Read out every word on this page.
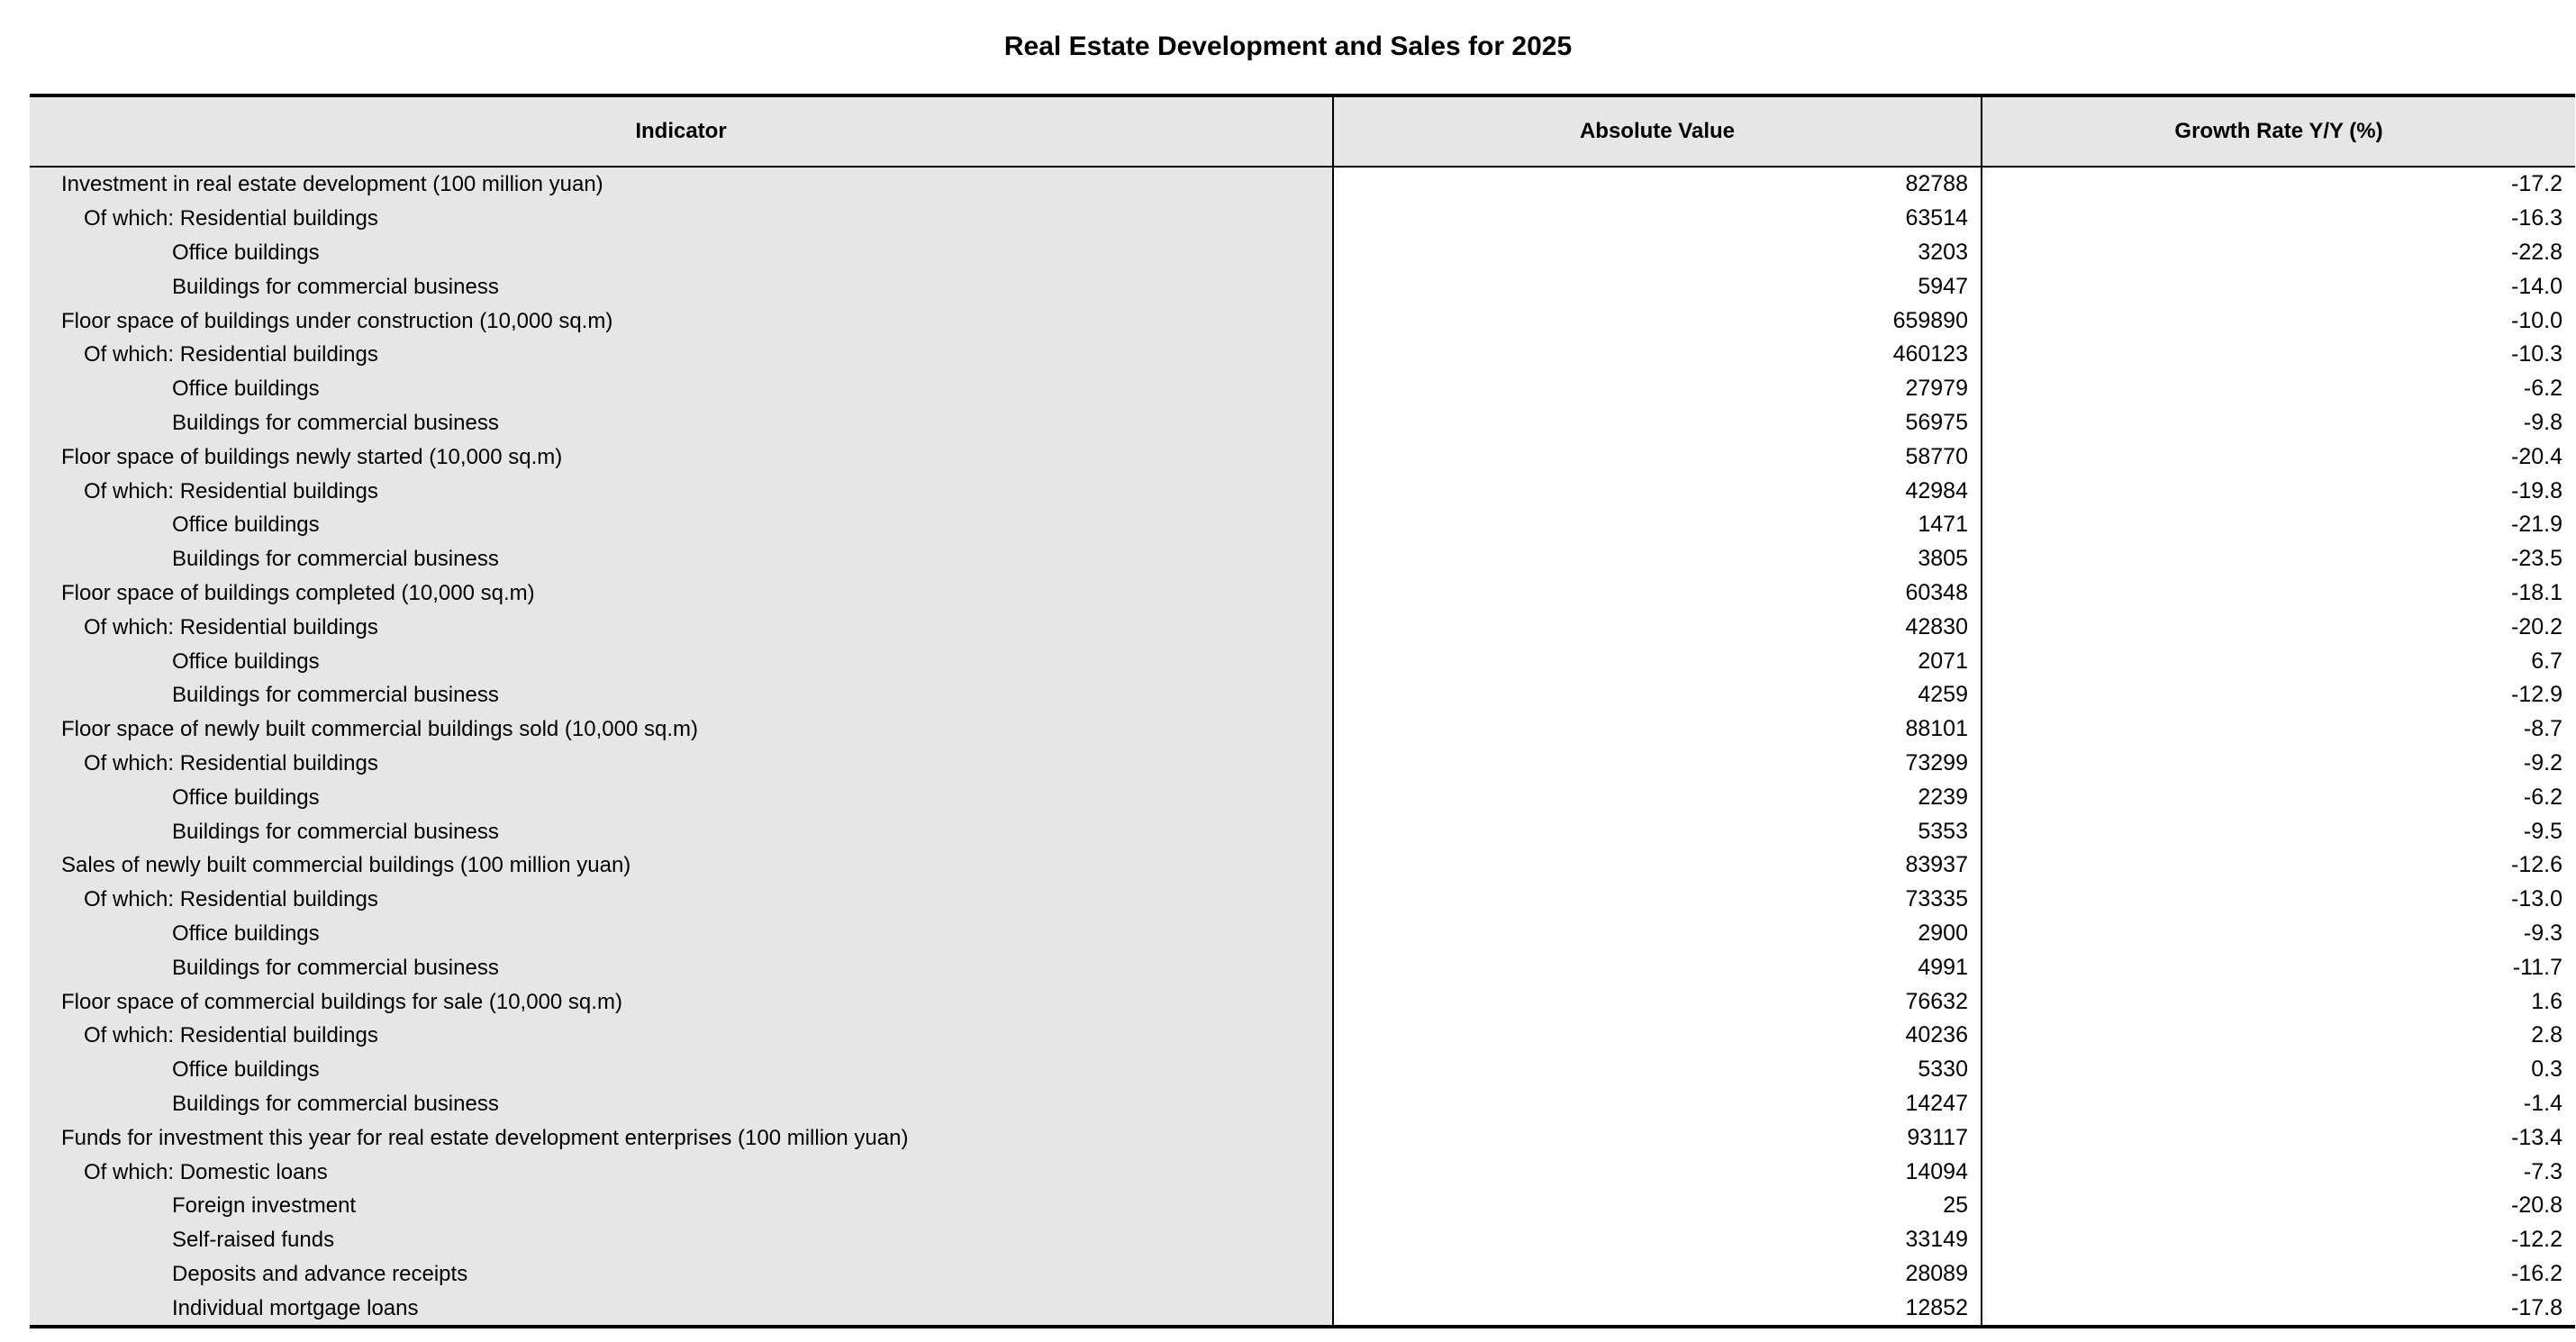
Real Estate Development and Sales for 2025
Indicator	Absolute Value	Growth Rate Y/Y (%)
Investment in real estate development (100 million yuan)	82788	-17.2
Of which: Residential buildings	63514	-16.3
Office buildings	3203	-22.8
Buildings for commercial business	5947	-14.0
Floor space of buildings under construction (10,000 sq.m)	659890	-10.0
Of which: Residential buildings	460123	-10.3
Office buildings	27979	-6.2
Buildings for commercial business	56975	-9.8
Floor space of buildings newly started (10,000 sq.m)	58770	-20.4
Of which: Residential buildings	42984	-19.8
Office buildings	1471	-21.9
Buildings for commercial business	3805	-23.5
Floor space of buildings completed (10,000 sq.m)	60348	-18.1
Of which: Residential buildings	42830	-20.2
Office buildings	2071	6.7
Buildings for commercial business	4259	-12.9
Floor space of newly built commercial buildings sold (10,000 sq.m)	88101	-8.7
Of which: Residential buildings	73299	-9.2
Office buildings	2239	-6.2
Buildings for commercial business	5353	-9.5
Sales of newly built commercial buildings (100 million yuan)	83937	-12.6
Of which: Residential buildings	73335	-13.0
Office buildings	2900	-9.3
Buildings for commercial business	4991	-11.7
Floor space of commercial buildings for sale (10,000 sq.m)	76632	1.6
Of which: Residential buildings	40236	2.8
Office buildings	5330	0.3
Buildings for commercial business	14247	-1.4
Funds for investment this year for real estate development enterprises (100 million yuan)	93117	-13.4
Of which: Domestic loans	14094	-7.3
Foreign investment	25	-20.8
Self-raised funds	33149	-12.2
Deposits and advance receipts	28089	-16.2
Individual mortgage loans	12852	-17.8
